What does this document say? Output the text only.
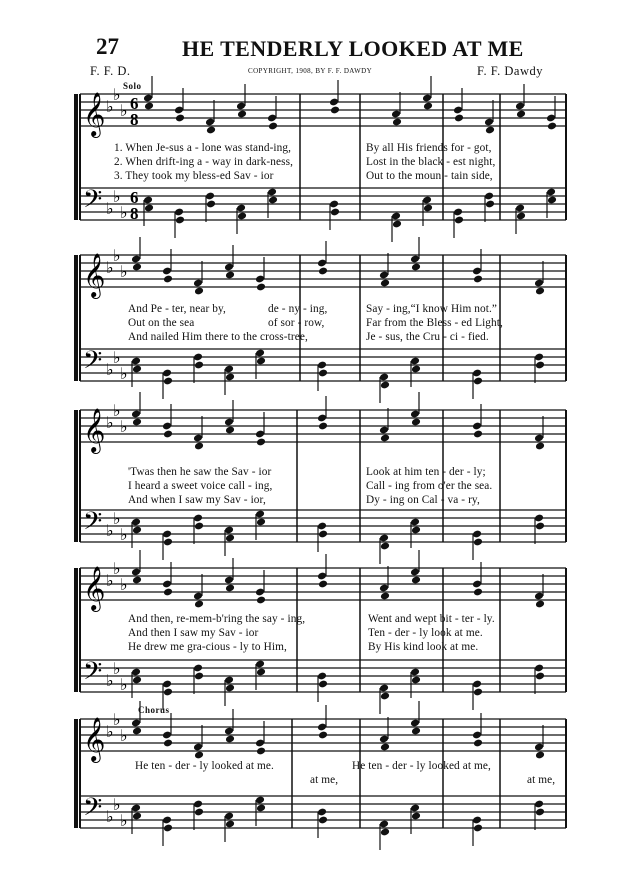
𝄞 ♭
♭
♭ 6
8
𝄢 ♭
♭
♭
6
8
𝄞 ♭
♭
♭
𝄢 ♭
♭
♭
𝄞 ♭
♭
♭
𝄢 ♭
♭
♭
𝄞 ♭
♭
♭
𝄢 ♭
♭
♭
𝄞 ♭
♭
♭
𝄢 ♭
♭
♭
27	HE TENDERLY LOOKED AT ME
F. F. D.	COPYRIGHT, 1908, BY F. F. DAWDY	F. F. Dawdy
Solo
Chorus
1. When Je-sus a - lone was stand-ing,	By all His friends for - got,
2. When drift-ing a - way in dark-ness,	Lost in the black - est night,
3. They took my bless-ed Sav - ior	Out to the moun - tain side,
And Pe - ter, near by,	de - ny - ing,	Say - ing,“I know Him not.”
Out on the sea	of sor - row,	Far from the Bless - ed Light,
And nailed Him there to the cross-tree,	Je - sus, the Cru - ci - fied.
'Twas then he saw the Sav - ior	Look at him ten - der - ly;
I heard a sweet voice call - ing,	Call - ing from o'er the sea.
And when I saw my Sav - ior,	Dy - ing on Cal - va - ry,
And then, re-mem-b'ring the say - ing,	Went and wept bit - ter - ly.
And then I saw my Sav - ior	Ten - der - ly look at me.
He drew me gra-cious - ly to Him,	By His kind look at me.
He ten - der - ly looked at me.	He ten - der - ly looked at me,
at me,	at me,
